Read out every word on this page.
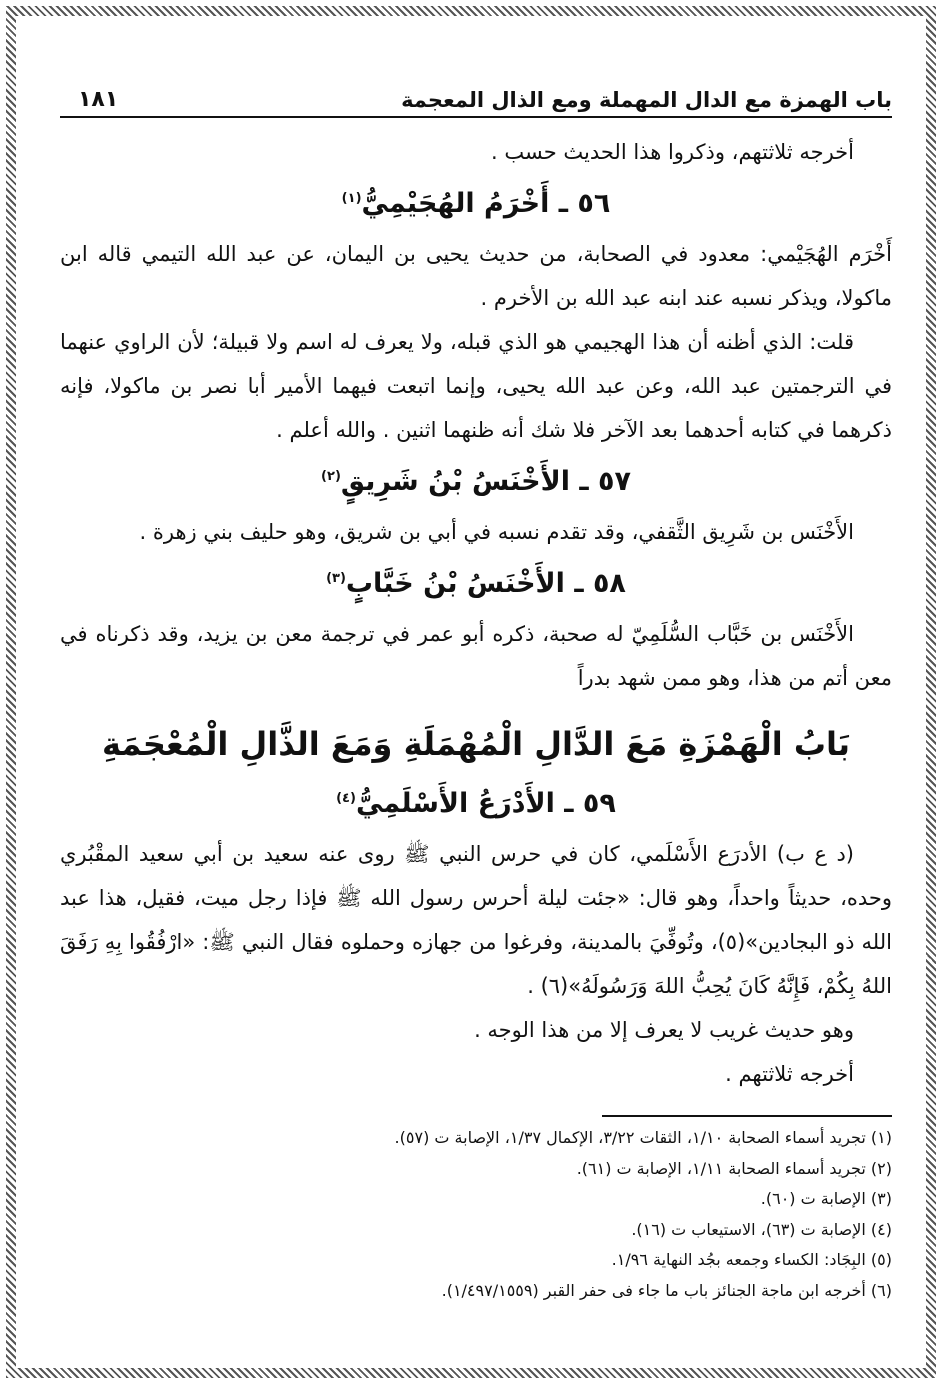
باب الهمزة مع الدال المهملة ومع الذال المعجمة
١٨١

أخرجه ثلاثتهم، وذكروا هذا الحديث حسب .

٥٦ ـ أَخْرَمُ الهُجَيْمِيُّ$^{(١)}$

أَخْرَم الهُجَيْمي: معدود في الصحابة، من حديث يحيى بن اليمان، عن عبد الله التيمي قاله ابن ماكولا، ويذكر نسبه عند ابنه عبد الله بن الأخرم .

قلت: الذي أظنه أن هذا الهجيمي هو الذي قبله، ولا يعرف له اسم ولا قبيلة؛ لأن الراوي عنهما في الترجمتين عبد الله، وعن عبد الله يحيى، وإنما اتبعت فيهما الأمير أبا نصر بن ماكولا، فإنه ذكرهما في كتابه أحدهما بعد الآخر فلا شك أنه ظنهما اثنين . والله أعلم .

٥٧ ـ الأَخْنَسُ بْنُ شَرِيقٍ$^{(٢)}$

الأَخْنَس بن شَرِيق الثَّقفي، وقد تقدم نسبه في أبي بن شريق، وهو حليف بني زهرة .

٥٨ ـ الأَخْنَسُ بْنُ خَبَّابٍ$^{(٣)}$

الأَخْنَس بن خَبَّاب السُّلَمِيّ له صحبة، ذكره أبو عمر في ترجمة معن بن يزيد، وقد ذكرناه في معن أتم من هذا، وهو ممن شهد بدراً

بَابُ الْهَمْزَةِ مَعَ الدَّالِ الْمُهْمَلَةِ وَمَعَ الذَّالِ الْمُعْجَمَةِ
٥٩ ـ الأَدْرَعُ الأَسْلَمِيُّ$^{(٤)}$

(د ع ب) الأدرَع الأَسْلَمي، كان في حرس النبي ﷺ روى عنه سعيد بن أبي سعيد المقْبُري وحده، حديثاً واحداً، وهو قال: «جئت ليلة أحرس رسول الله ﷺ فإذا رجل ميت، فقيل، هذا عبد الله ذو البجادين»(٥)، وتُوفِّيَ بالمدينة، وفرغوا من جهازه وحملوه فقال النبي ﷺ: «ارْفُقُوا بِهِ رَفَقَ اللهُ بِكُمْ، فَإِنَّهُ كَانَ يُحِبُّ اللهَ وَرَسُولَهُ»(٦) .

وهو حديث غريب لا يعرف إلا من هذا الوجه .

أخرجه ثلاثتهم .

(١) تجريد أسماء الصحابة ١/١٠، الثقات ٣/٢٢، الإكمال ١/٣٧، الإصابة ت (٥٧).

(٢) تجريد أسماء الصحابة ١/١١، الإصابة ت (٦١).

(٣) الإصابة ت (٦٠).

(٤) الإصابة ت (٦٣)، الاستيعاب ت (١٦).

(٥) البِجَاد: الكساء وجمعه بجُد النهاية ١/٩٦.

(٦) أخرجه ابن ماجة الجنائز باب ما جاء فى حفر القبر (١/٤٩٧/١٥٥٩).
